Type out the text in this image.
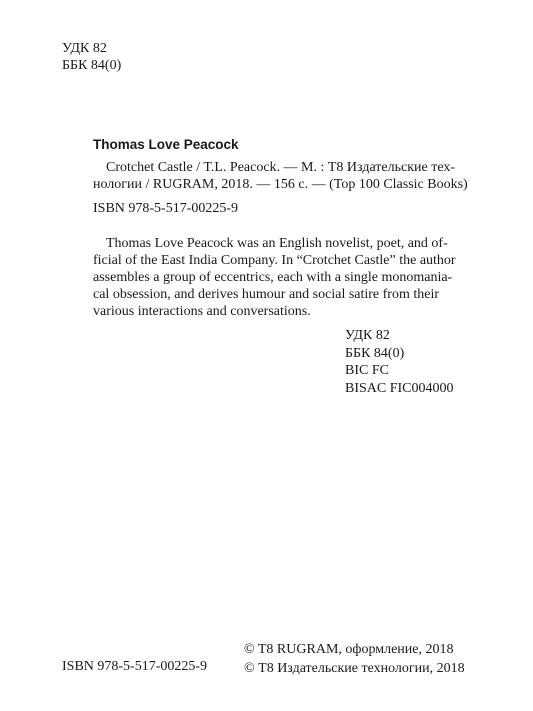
УДК 82
ББК 84(0)
Thomas Love Peacock
Crotchet Castle / T.L. Peacock. — М. : Т8 Издательские тех-
нологии / RUGRAM, 2018. — 156 с. — (Top 100 Classic Books)
ISBN 978-5-517-00225-9
Thomas Love Peacock was an English novelist, poet, and of-
ficial of the East India Company. In “Crotchet Castle” the author
assembles a group of eccentrics, each with a single monomania-
cal obsession, and derives humour and social satire from their
various interactions and conversations.
УДК 82
ББК 84(0)
BIC FC
BISAC FIC004000
ISBN 978-5-517-00225-9
© T8 RUGRAM, оформление, 2018
© Т8 Издательские технологии, 2018
